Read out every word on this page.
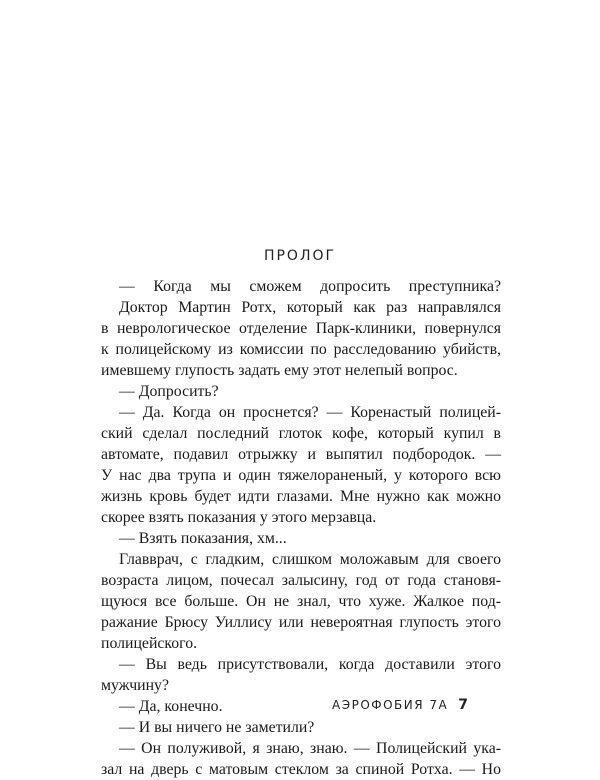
ПРОЛОГ
— Когда мы сможем допросить преступника?
Доктор Мартин Ротх, который как раз направлялся
в неврологическое отделение Парк-клиники, повернулся
к полицейскому из комиссии по расследованию убийств,
имевшему глупость задать ему этот нелепый вопрос.
— Допросить?
— Да. Когда он проснется? — Коренастый полицей-
ский сделал последний глоток кофе, который купил в
автомате, подавил отрыжку и выпятил подбородок. —
У нас два трупа и один тяжелораненый, у которого всю
жизнь кровь будет идти глазами. Мне нужно как можно
скорее взять показания у этого мерзавца.
— Взять показания, хм...
Главврач, с гладким, слишком моложавым для своего
возраста лицом, почесал залысину, год от года становя-
щуюся все больше. Он не знал, что хуже. Жалкое под-
ражание Брюсу Уиллису или невероятная глупость этого
полицейского.
— Вы ведь присутствовали, когда доставили этого
мужчину?
— Да, конечно.
— И вы ничего не заметили?
— Он полуживой, я знаю, знаю. — Полицейский ука-
зал на дверь с матовым стеклом за спиной Ротха. — Но
АЭРОФОБИЯ 7А 7
